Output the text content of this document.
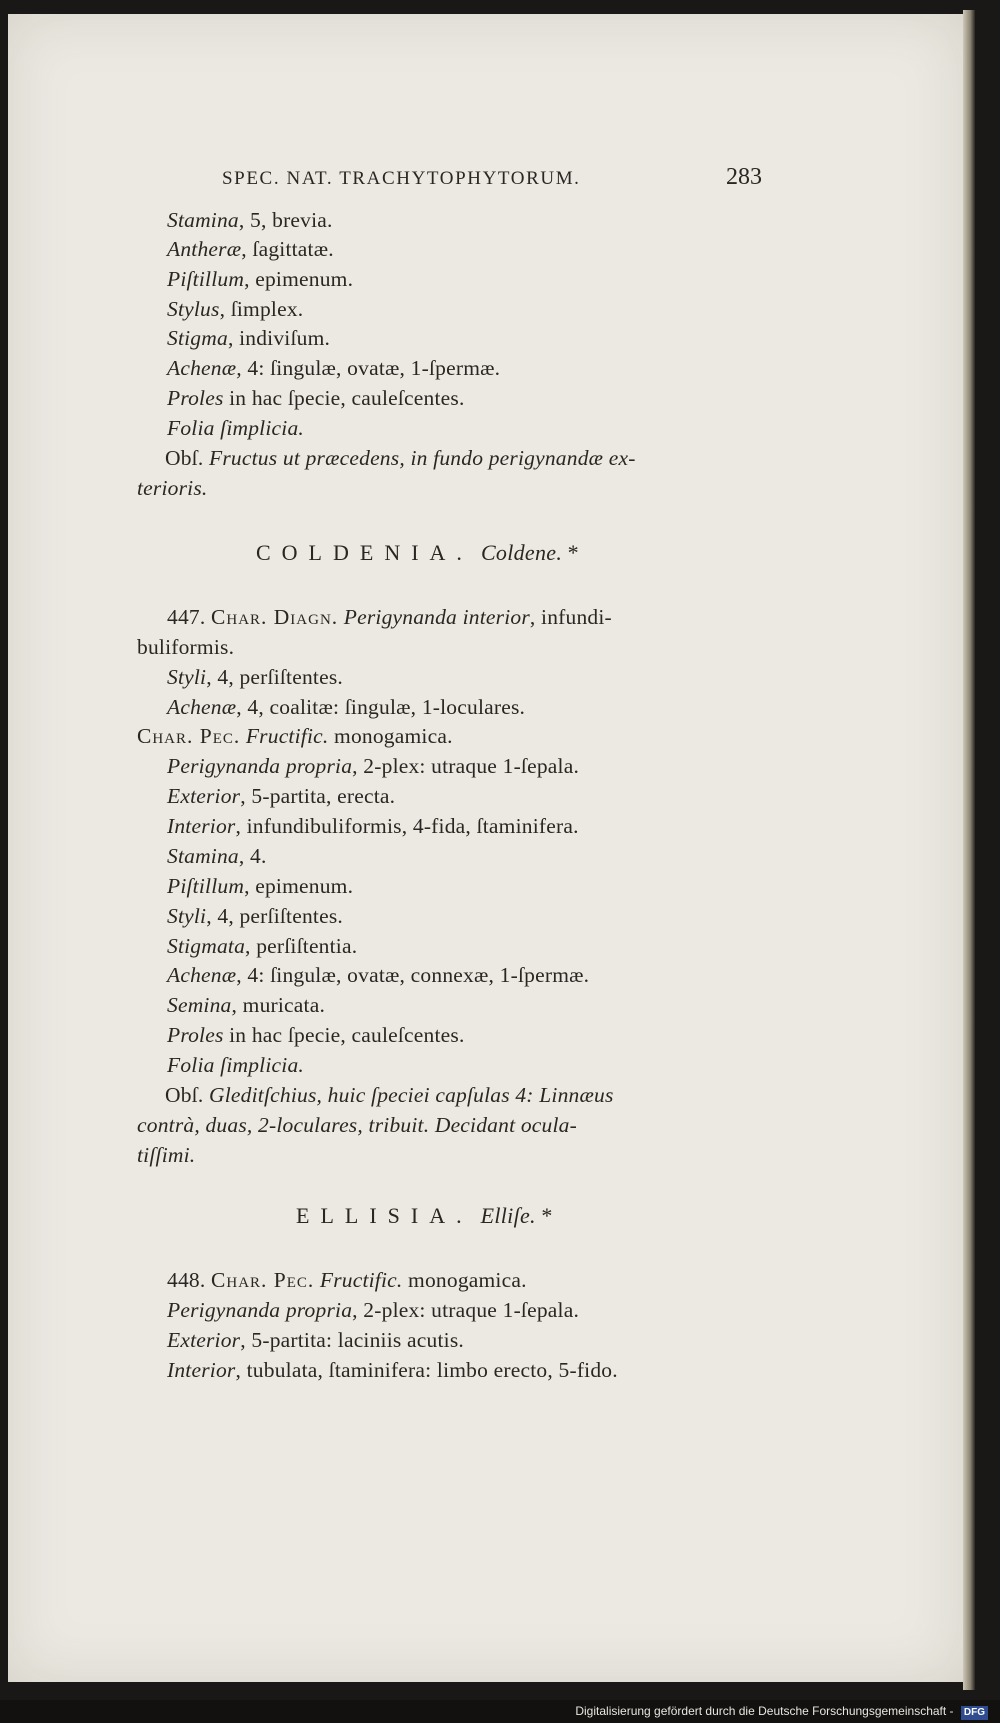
SPEC. NAT. TRACHYTOPHYTORUM.	283
Stamina, 5, brevia.
Antheræ, ſagittatæ.
Piſtillum, epimenum.
Stylus, ſimplex.
Stigma, indiviſum.
Achenæ, 4: ſingulæ, ovatæ, 1-ſpermæ.
Proles in hac ſpecie, cauleſcentes.
Folia ſimplicia.
Obſ. Fructus ut præcedens, in fundo perigynandæ ex-
terioris.
COLDENIA. Coldene. *
447. Char. Diagn. Perigynanda interior, infundi-
buliformis.
Styli, 4, perſiſtentes.
Achenæ, 4, coalitæ: ſingulæ, 1-loculares.
Char. Pec. Fructific. monogamica.
Perigynanda propria, 2-plex: utraque 1-ſepala.
Exterior, 5-partita, erecta.
Interior, infundibuliformis, 4-fida, ſtaminifera.
Stamina, 4.
Piſtillum, epimenum.
Styli, 4, perſiſtentes.
Stigmata, perſiſtentia.
Achenæ, 4: ſingulæ, ovatæ, connexæ, 1-ſpermæ.
Semina, muricata.
Proles in hac ſpecie, cauleſcentes.
Folia ſimplicia.
Obſ. Gleditſchius, huic ſpeciei capſulas 4: Linnæus
contrà, duas, 2-loculares, tribuit. Decidant ocula-
tiſſimi.
ELLISIA. Elliſe. *
448. Char. Pec. Fructific. monogamica.
Perigynanda propria, 2-plex: utraque 1-ſepala.
Exterior, 5-partita: laciniis acutis.
Interior, tubulata, ſtaminifera: limbo erecto, 5-fido.
Digitalisierung gefördert durch die Deutsche Forschungsgemeinschaft - DFG
